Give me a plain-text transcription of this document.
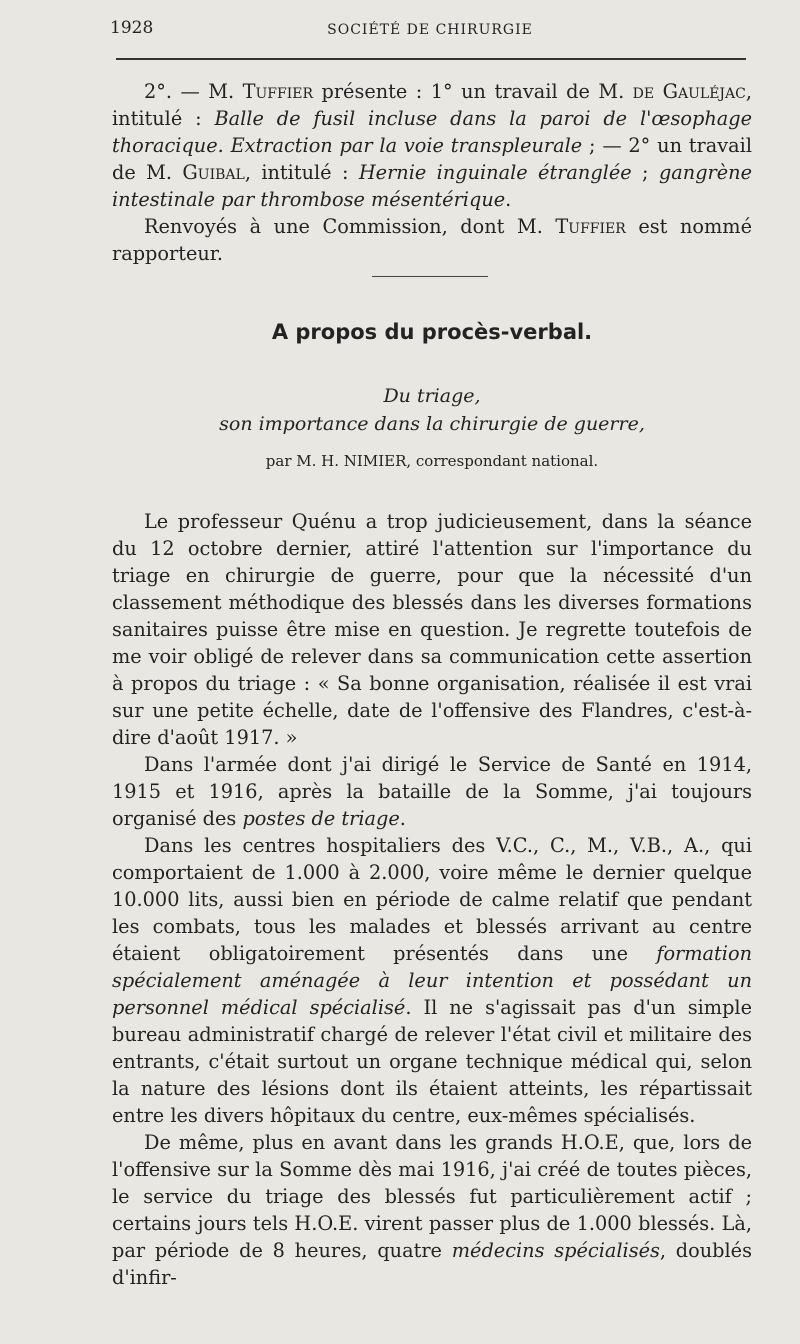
1928	SOCIÉTÉ DE CHIRURGIE

2°. — M. Tuffier présente : 1° un travail de M. de Gauléjac, intitulé : Balle de fusil incluse dans la paroi de l'œsophage thoracique. Extraction par la voie transpleurale ; — 2° un travail de M. Guibal, intitulé : Hernie inguinale étranglée ; gangrène intestinale par thrombose mésentérique.

Renvoyés à une Commission, dont M. Tuffier est nommé rapporteur.

A propos du procès-verbal.
Du triage,
son importance dans la chirurgie de guerre,
par M. H. NIMIER, correspondant national.

Le professeur Quénu a trop judicieusement, dans la séance du 12 octobre dernier, attiré l'attention sur l'importance du triage en chirurgie de guerre, pour que la nécessité d'un classement méthodique des blessés dans les diverses formations sanitaires puisse être mise en question. Je regrette toutefois de me voir obligé de relever dans sa communication cette assertion à propos du triage : « Sa bonne organisation, réalisée il est vrai sur une petite échelle, date de l'offensive des Flandres, c'est-à-dire d'août 1917. »

Dans l'armée dont j'ai dirigé le Service de Santé en 1914, 1915 et 1916, après la bataille de la Somme, j'ai toujours organisé des postes de triage.

Dans les centres hospitaliers des V.C., C., M., V.B., A., qui comportaient de 1.000 à 2.000, voire même le dernier quelque 10.000 lits, aussi bien en période de calme relatif que pendant les combats, tous les malades et blessés arrivant au centre étaient obligatoirement présentés dans une formation spécialement aménagée à leur intention et possédant un personnel médical spécialisé. Il ne s'agissait pas d'un simple bureau administratif chargé de relever l'état civil et militaire des entrants, c'était surtout un organe technique médical qui, selon la nature des lésions dont ils étaient atteints, les répartissait entre les divers hôpitaux du centre, eux-mêmes spécialisés.

De même, plus en avant dans les grands H.O.E, que, lors de l'offensive sur la Somme dès mai 1916, j'ai créé de toutes pièces, le service du triage des blessés fut particulièrement actif ; certains jours tels H.O.E. virent passer plus de 1.000 blessés. Là, par période de 8 heures, quatre médecins spécialisés, doublés d'infir-
